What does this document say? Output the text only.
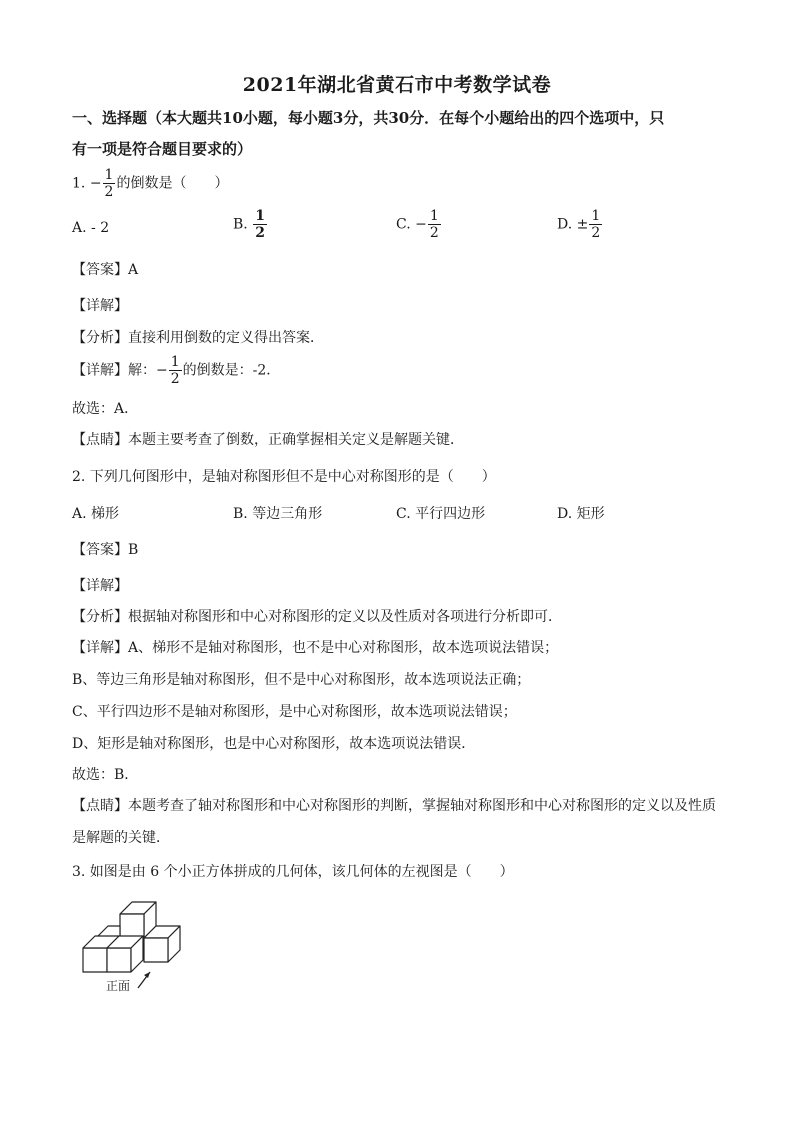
2021年湖北省黄石市中考数学试卷
一、选择题（本大题共10小题，每小题3分，共30分．在每个小题给出的四个选项中，只
有一项是符合题目要求的）
1. − $\frac{1}{2}$ 的倒数是（　　）
A. - 2	B. $\frac{1}{2}$	C. − $\frac{1}{2}$	D. ± $\frac{1}{2}$
【答案】A
【详解】
【分析】直接利用倒数的定义得出答案．
【详解】解：− $\frac{1}{2}$ 的倒数是：-2．
故选：A．
【点睛】本题主要考查了倒数，正确掌握相关定义是解题关键．
2. 下列几何图形中，是轴对称图形但不是中心对称图形的是（　　）
A. 梯形	B. 等边三角形	C. 平行四边形	D. 矩形
【答案】B
【详解】
【分析】根据轴对称图形和中心对称图形的定义以及性质对各项进行分析即可．
【详解】A、梯形不是轴对称图形，也不是中心对称图形，故本选项说法错误；
B、等边三角形是轴对称图形，但不是中心对称图形，故本选项说法正确；
C、平行四边形不是轴对称图形，是中心对称图形，故本选项说法错误；
D、矩形是轴对称图形，也是中心对称图形，故本选项说法错误．
故选：B．
【点睛】本题考查了轴对称图形和中心对称图形的判断，掌握轴对称图形和中心对称图形的定义以及性质
是解题的关键．
3. 如图是由 6 个小正方体拼成的几何体，该几何体的左视图是（　　）
正面
